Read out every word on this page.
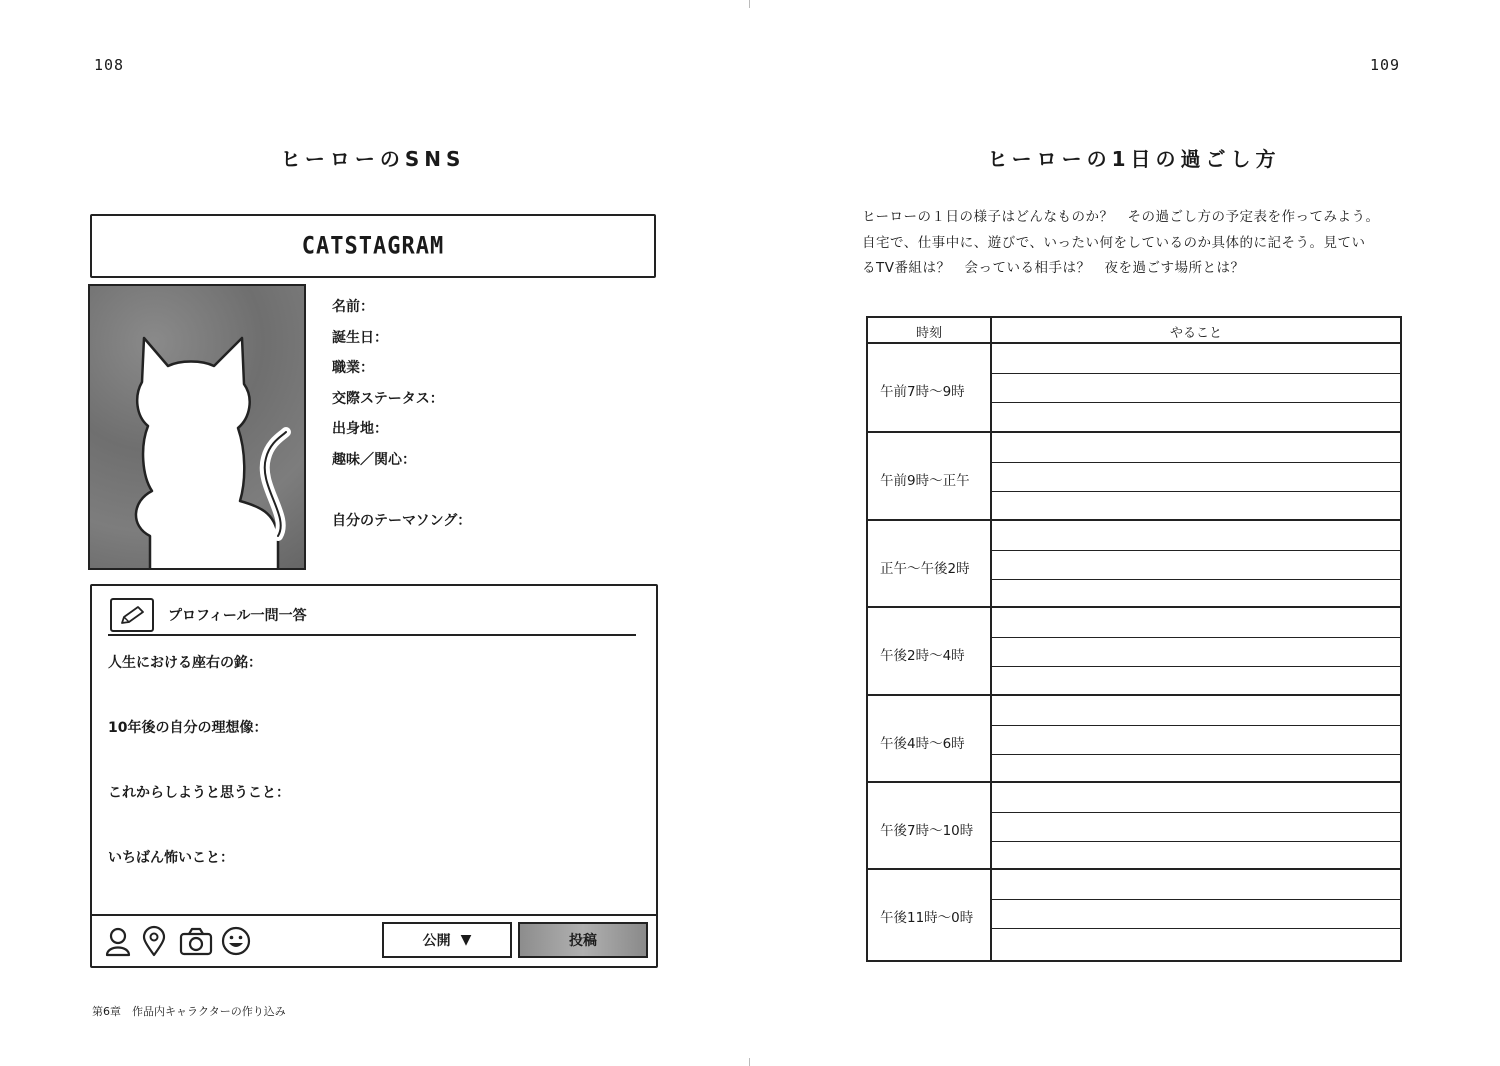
108
ヒーローのSNS
CATSTAGRAM
名前：
誕生日：
職業：
交際ステータス：
出身地：
趣味／関心：
自分のテーマソング：
プロフィール一問一答
人生における座右の銘：
10年後の自分の理想像：
これからしようと思うこと：
いちばん怖いこと：
公開 ▼	投稿
第6章　作品内キャラクターの作り込み
109
ヒーローの1日の過ごし方
ヒーローの１日の様子はどんなものか？　その過ごし方の予定表を作ってみよう。
自宅で、仕事中に、遊びで、いったい何をしているのか具体的に記そう。見てい
るTV番組は？　会っている相手は？　夜を過ごす場所とは？
時刻	やること
午前7時～9時
午前9時～正午
正午～午後2時
午後2時～4時
午後4時～6時
午後7時～10時
午後11時～0時
